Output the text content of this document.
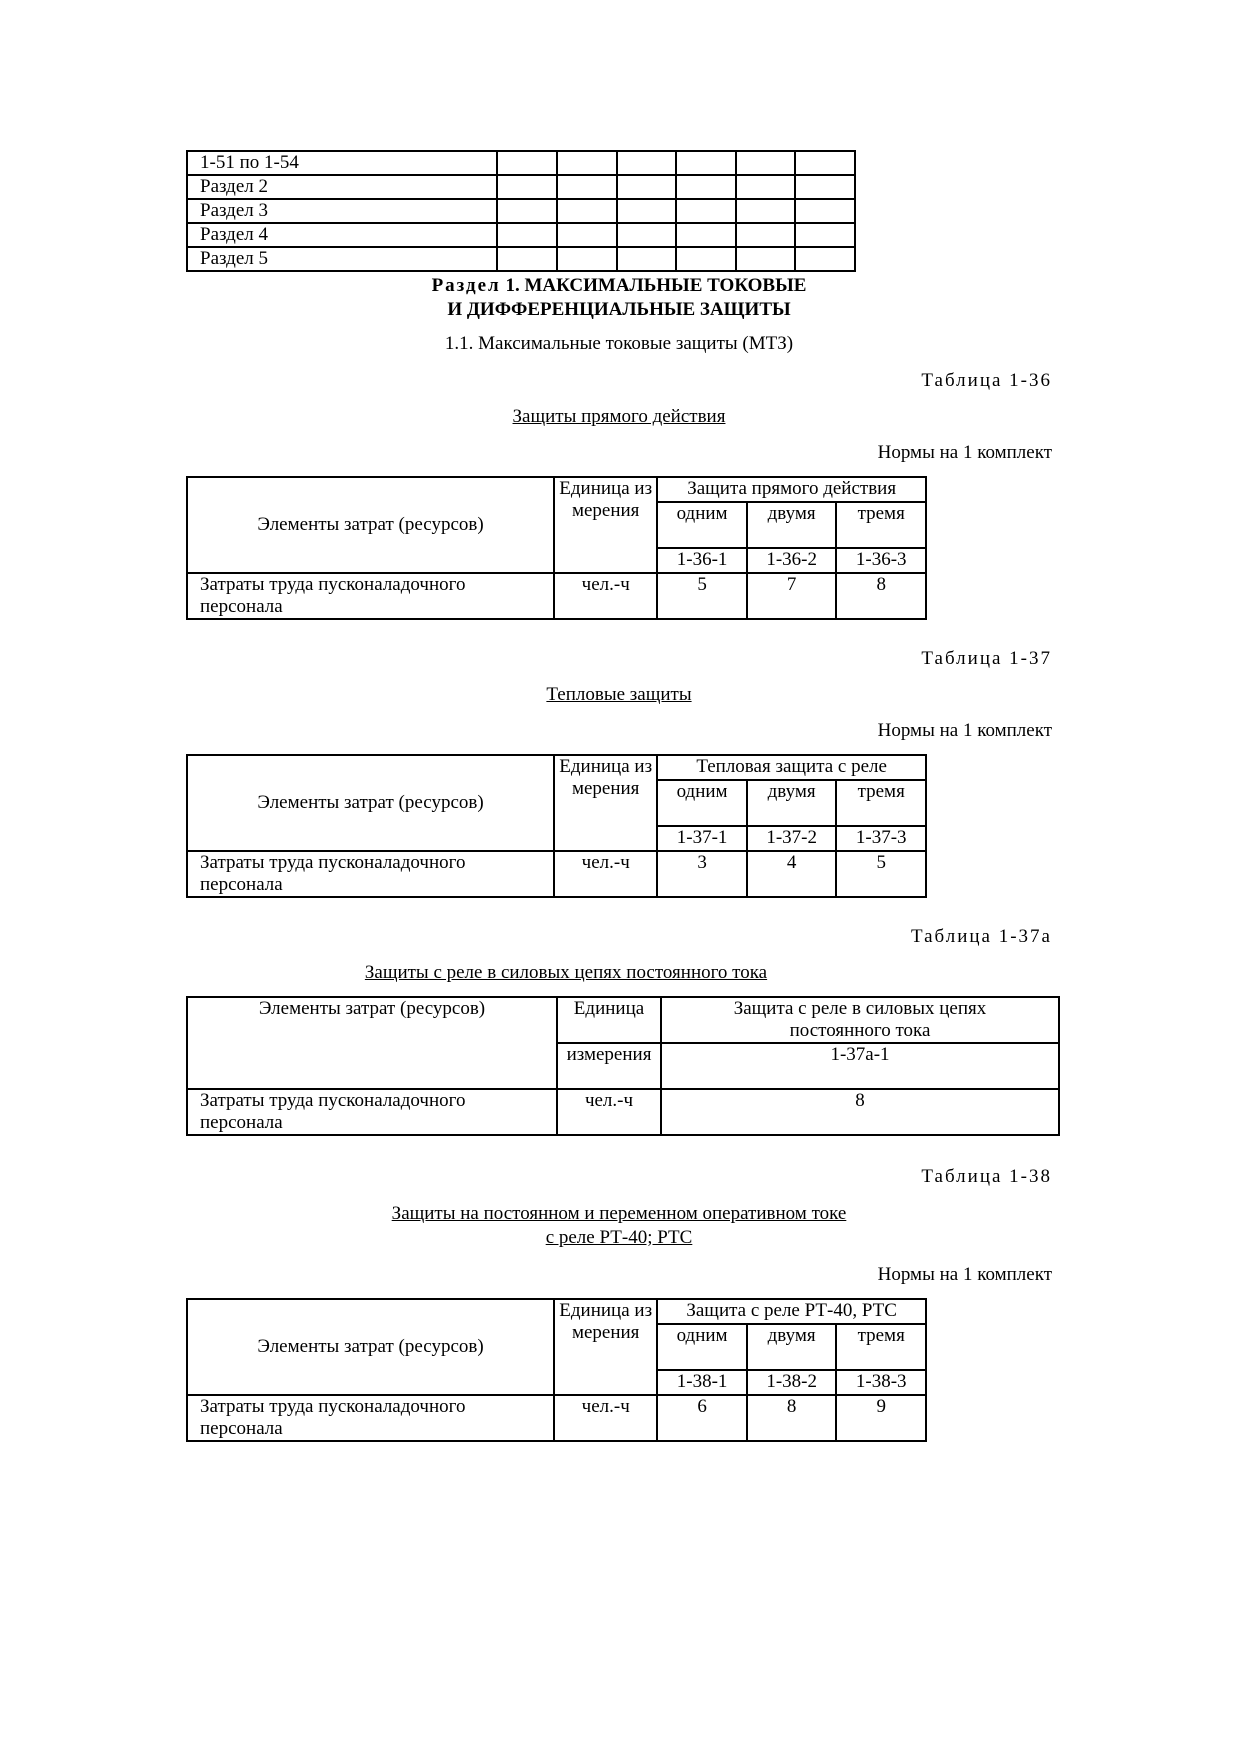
1-51 по 1-54						
Раздел 2						
Раздел 3						
Раздел 4						
Раздел 5						
Раздел 1. МАКСИМАЛЬНЫЕ ТОКОВЫЕ
И ДИФФЕРЕНЦИАЛЬНЫЕ ЗАЩИТЫ
1.1. Максимальные токовые защиты (МТЗ)
Таблица 1-36
Защиты прямого действия
Нормы на 1 комплект
Элементы затрат (ресурсов)	Единица измерения	Защита прямого действия		
		одним	двумя	тремя
		1-36-1	1-36-2	1-36-3
Затраты труда пусконаладочного персонала	чел.-ч	5	7	8
Таблица 1-37
Тепловые защиты
Нормы на 1 комплект
Элементы затрат (ресурсов)	Единица измерения	Тепловая защита с реле		
		одним	двумя	тремя
		1-37-1	1-37-2	1-37-3
Затраты труда пусконаладочного персонала	чел.-ч	3	4	5
Таблица 1-37а
Защиты с реле в силовых цепях постоянного тока
Элементы затрат (ресурсов)	Единица	Защита с реле в силовых цепях постоянного тока
	измерения	1-37а-1
Затраты труда пусконаладочного персонала	чел.-ч	8
Таблица 1-38
Защиты на постоянном и переменном оперативном токе
с реле РТ-40; РТС
Нормы на 1 комплект
Элементы затрат (ресурсов)	Единица измерения	Защита с реле РТ-40, РТС		
		одним	двумя	тремя
		1-38-1	1-38-2	1-38-3
Затраты труда пусконаладочного персонала	чел.-ч	6	8	9
